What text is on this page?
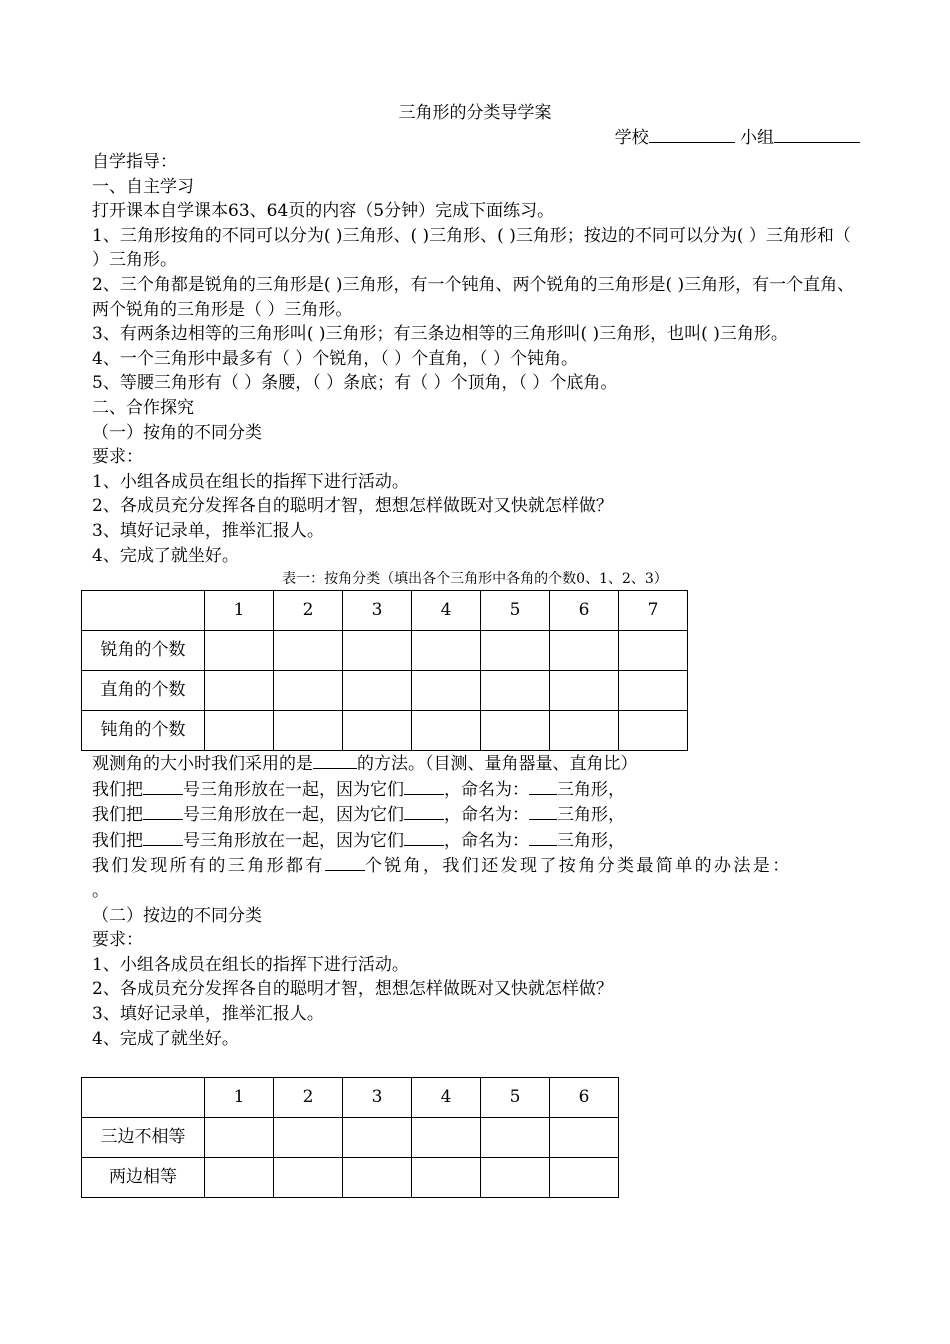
三角形的分类导学案
学校	小组

自学指导：

一、自主学习

打开课本自学课本63、64页的内容（5分钟）完成下面练习。

1、三角形按角的不同可以分为( )三角形、( )三角形、( )三角形；按边的不同可以分为( ）三角形和（ ）三角形。

2、三个角都是锐角的三角形是( )三角形，有一个钝角、两个锐角的三角形是( )三角形，有一个直角、两个锐角的三角形是（ ）三角形。

3、有两条边相等的三角形叫( )三角形；有三条边相等的三角形叫( )三角形，也叫( )三角形。

4、一个三角形中最多有（ ）个锐角，（ ）个直角，（ ）个钝角。

5、等腰三角形有（ ）条腰，（ ）条底；有（ ）个顶角，（ ）个底角。

二、合作探究

（一）按角的不同分类

要求：

1、小组各成员在组长的指挥下进行活动。

2、各成员充分发挥各自的聪明才智，想想怎样做既对又快就怎样做？

3、填好记录单，推举汇报人。

4、完成了就坐好。

表一：按角分类（填出各个三角形中各角的个数0、1、2、3）
	1	2	3	4	5	6	7
锐角的个数							
直角的个数							
钝角的个数							

观测角的大小时我们采用的是	的方法。（目测、量角器量、直角比）

我们把 号三角形放在一起，因为它们 ，命名为： 三角形，

我们把 号三角形放在一起，因为它们 ，命名为： 三角形，

我们把 号三角形放在一起，因为它们 ，命名为： 三角形，

我们发现所有的三角形都有 个锐角，我们还发现了按角分类最简单的办法是：

。

（二）按边的不同分类

要求：

1、小组各成员在组长的指挥下进行活动。

2、各成员充分发挥各自的聪明才智，想想怎样做既对又快就怎样做？

3、填好记录单，推举汇报人。

4、完成了就坐好。

	1	2	3	4	5	6
三边不相等						
两边相等						
